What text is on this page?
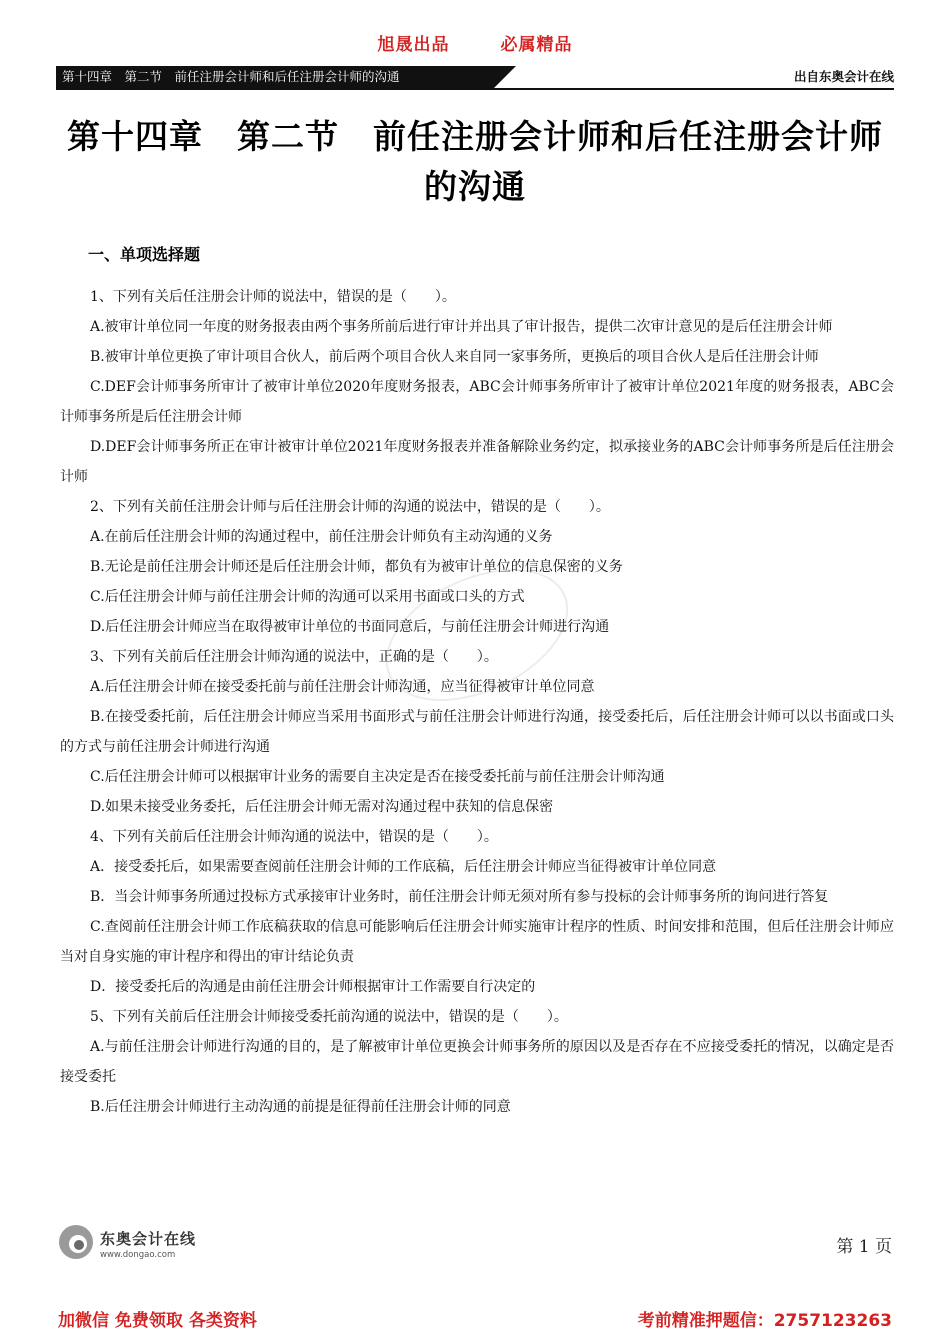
旭晟出品	必属精品
第十四章　第二节　前任注册会计师和后任注册会计师的沟通	出自东奥会计在线
第十四章　第二节　前任注册会计师和后任注册会计师的沟通
一、单项选择题

1、下列有关后任注册会计师的说法中，错误的是（　　）。

A.被审计单位同一年度的财务报表由两个事务所前后进行审计并出具了审计报告，提供二次审计意见的是后任注册会计师

B.被审计单位更换了审计项目合伙人，前后两个项目合伙人来自同一家事务所，更换后的项目合伙人是后任注册会计师

C.DEF会计师事务所审计了被审计单位2020年度财务报表，ABC会计师事务所审计了被审计单位2021年度的财务报表，ABC会计师事务所是后任注册会计师

D.DEF会计师事务所正在审计被审计单位2021年度财务报表并准备解除业务约定，拟承接业务的ABC会计师事务所是后任注册会计师

2、下列有关前任注册会计师与后任注册会计师的沟通的说法中，错误的是（　　）。

A.在前后任注册会计师的沟通过程中，前任注册会计师负有主动沟通的义务

B.无论是前任注册会计师还是后任注册会计师，都负有为被审计单位的信息保密的义务

C.后任注册会计师与前任注册会计师的沟通可以采用书面或口头的方式

D.后任注册会计师应当在取得被审计单位的书面同意后，与前任注册会计师进行沟通

3、下列有关前后任注册会计师沟通的说法中，正确的是（　　）。

A.后任注册会计师在接受委托前与前任注册会计师沟通，应当征得被审计单位同意

B.在接受委托前，后任注册会计师应当采用书面形式与前任注册会计师进行沟通，接受委托后，后任注册会计师可以以书面或口头的方式与前任注册会计师进行沟通

C.后任注册会计师可以根据审计业务的需要自主决定是否在接受委托前与前任注册会计师沟通

D.如果未接受业务委托，后任注册会计师无需对沟通过程中获知的信息保密

4、下列有关前后任注册会计师沟通的说法中，错误的是（　　）。

A．接受委托后，如果需要查阅前任注册会计师的工作底稿，后任注册会计师应当征得被审计单位同意

B．当会计师事务所通过投标方式承接审计业务时，前任注册会计师无须对所有参与投标的会计师事务所的询问进行答复

C.查阅前任注册会计师工作底稿获取的信息可能影响后任注册会计师实施审计程序的性质、时间安排和范围，但后任注册会计师应当对自身实施的审计程序和得出的审计结论负责

D．接受委托后的沟通是由前任注册会计师根据审计工作需要自行决定的

5、下列有关前后任注册会计师接受委托前沟通的说法中，错误的是（　　）。

A.与前任注册会计师进行沟通的目的，是了解被审计单位更换会计师事务所的原因以及是否存在不应接受委托的情况，以确定是否接受委托

B.后任注册会计师进行主动沟通的前提是征得前任注册会计师的同意

东奥会计在线
www.dongao.com	第 1 页
加微信 免费领取 各类资料	考前精准押题信：2757123263
